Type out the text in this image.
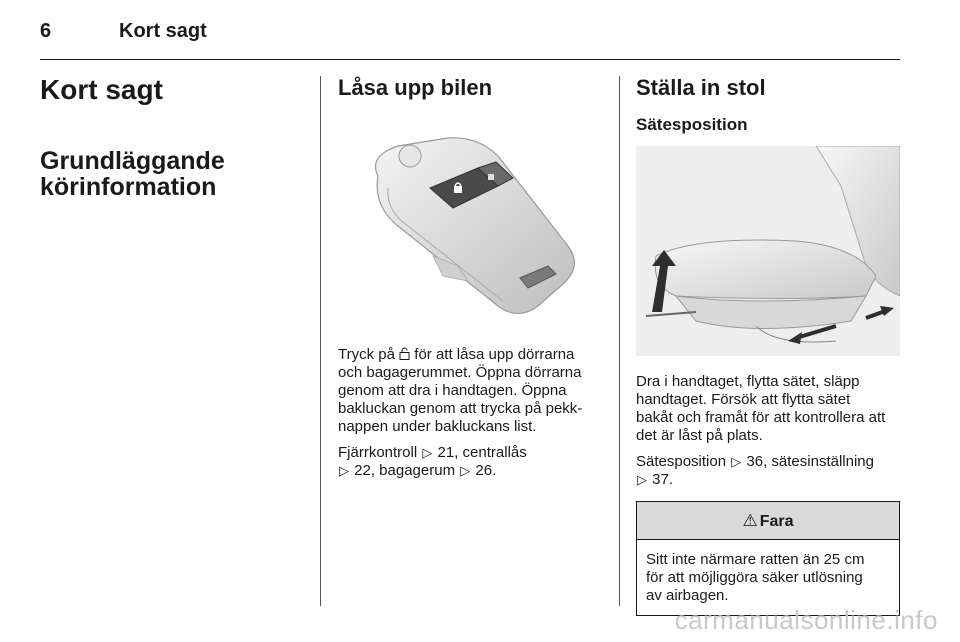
6	Kort sagt
Kort sagt
Grundläggande
körinformation
Låsa upp bilen
Tryck på  för att låsa upp dörrarna
och bagagerummet. Öppna dörrarna
genom att dra i handtagen. Öppna
bakluckan genom att trycka på pekk-
nappen under bakluckans list.
Fjärrkontroll ▷ 21, centrallås
▷ 22, bagagerum ▷ 26.
Ställa in stol
Sätesposition
Dra i handtaget, flytta sätet, släpp
handtaget. Försök att flytta sätet
bakåt och framåt för att kontrollera att
det är låst på plats.
Sätesposition ▷ 36, sätesinställning
▷ 37.
⚠ Fara
Sitt inte närmare ratten än 25 cm
för att möjliggöra säker utlösning
av airbagen.
carmanualsonline.info
